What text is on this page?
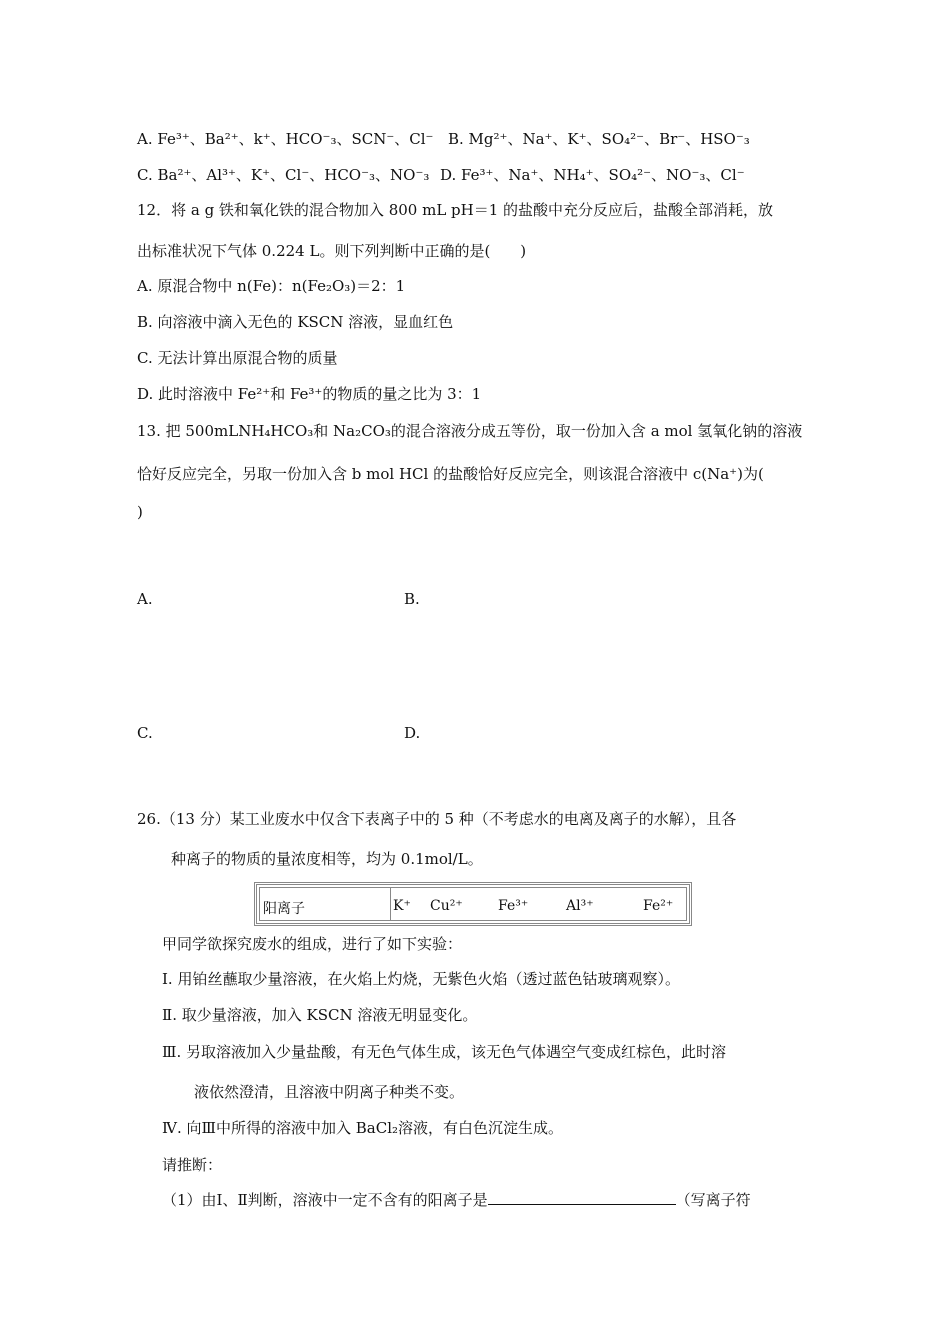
A. Fe³⁺、Ba²⁺、k⁺、HCO⁻₃、SCN⁻、Cl⁻ B. Mg²⁺、Na⁺、K⁺、SO₄²⁻、Br⁻、HSO⁻₃
C. Ba²⁺、Al³⁺、K⁺、Cl⁻、HCO⁻₃、NO⁻₃ D. Fe³⁺、Na⁺、NH₄⁺、SO₄²⁻、NO⁻₃、Cl⁻
12．将 a g 铁和氧化铁的混合物加入 800 mL pH＝1 的盐酸中充分反应后，盐酸全部消耗，放
出标准状况下气体 0.224 L。则下列判断中正确的是(　　)
A. 原混合物中 n(Fe)：n(Fe₂O₃)＝2：1
B. 向溶液中滴入无色的 KSCN 溶液，显血红色
C. 无法计算出原混合物的质量
D. 此时溶液中 Fe²⁺和 Fe³⁺的物质的量之比为 3：1
13. 把 500mLNH₄HCO₃和 Na₂CO₃的混合溶液分成五等份，取一份加入含 a mol 氢氧化钠的溶液
恰好反应完全，另取一份加入含 b mol HCl 的盐酸恰好反应完全，则该混合溶液中 c(Na⁺)为(
)
A.	B.
C.	D.
26.（13 分）某工业废水中仅含下表离子中的 5 种（不考虑水的电离及离子的水解），且各
种离子的物质的量浓度相等，均为 0.1mol/L。
阳离子	K⁺ Cu²⁺	Fe³⁺	Al³⁺	Fe²⁺
甲同学欲探究废水的组成，进行了如下实验：
Ⅰ. 用铂丝蘸取少量溶液，在火焰上灼烧，无紫色火焰（透过蓝色钴玻璃观察）。
Ⅱ. 取少量溶液，加入 KSCN 溶液无明显变化。
Ⅲ. 另取溶液加入少量盐酸，有无色气体生成，该无色气体遇空气变成红棕色，此时溶
液依然澄清，且溶液中阴离子种类不变。
Ⅳ. 向Ⅲ中所得的溶液中加入 BaCl₂溶液，有白色沉淀生成。
请推断：
（1）由Ⅰ、Ⅱ判断，溶液中一定不含有的阳离子是	（写离子符
